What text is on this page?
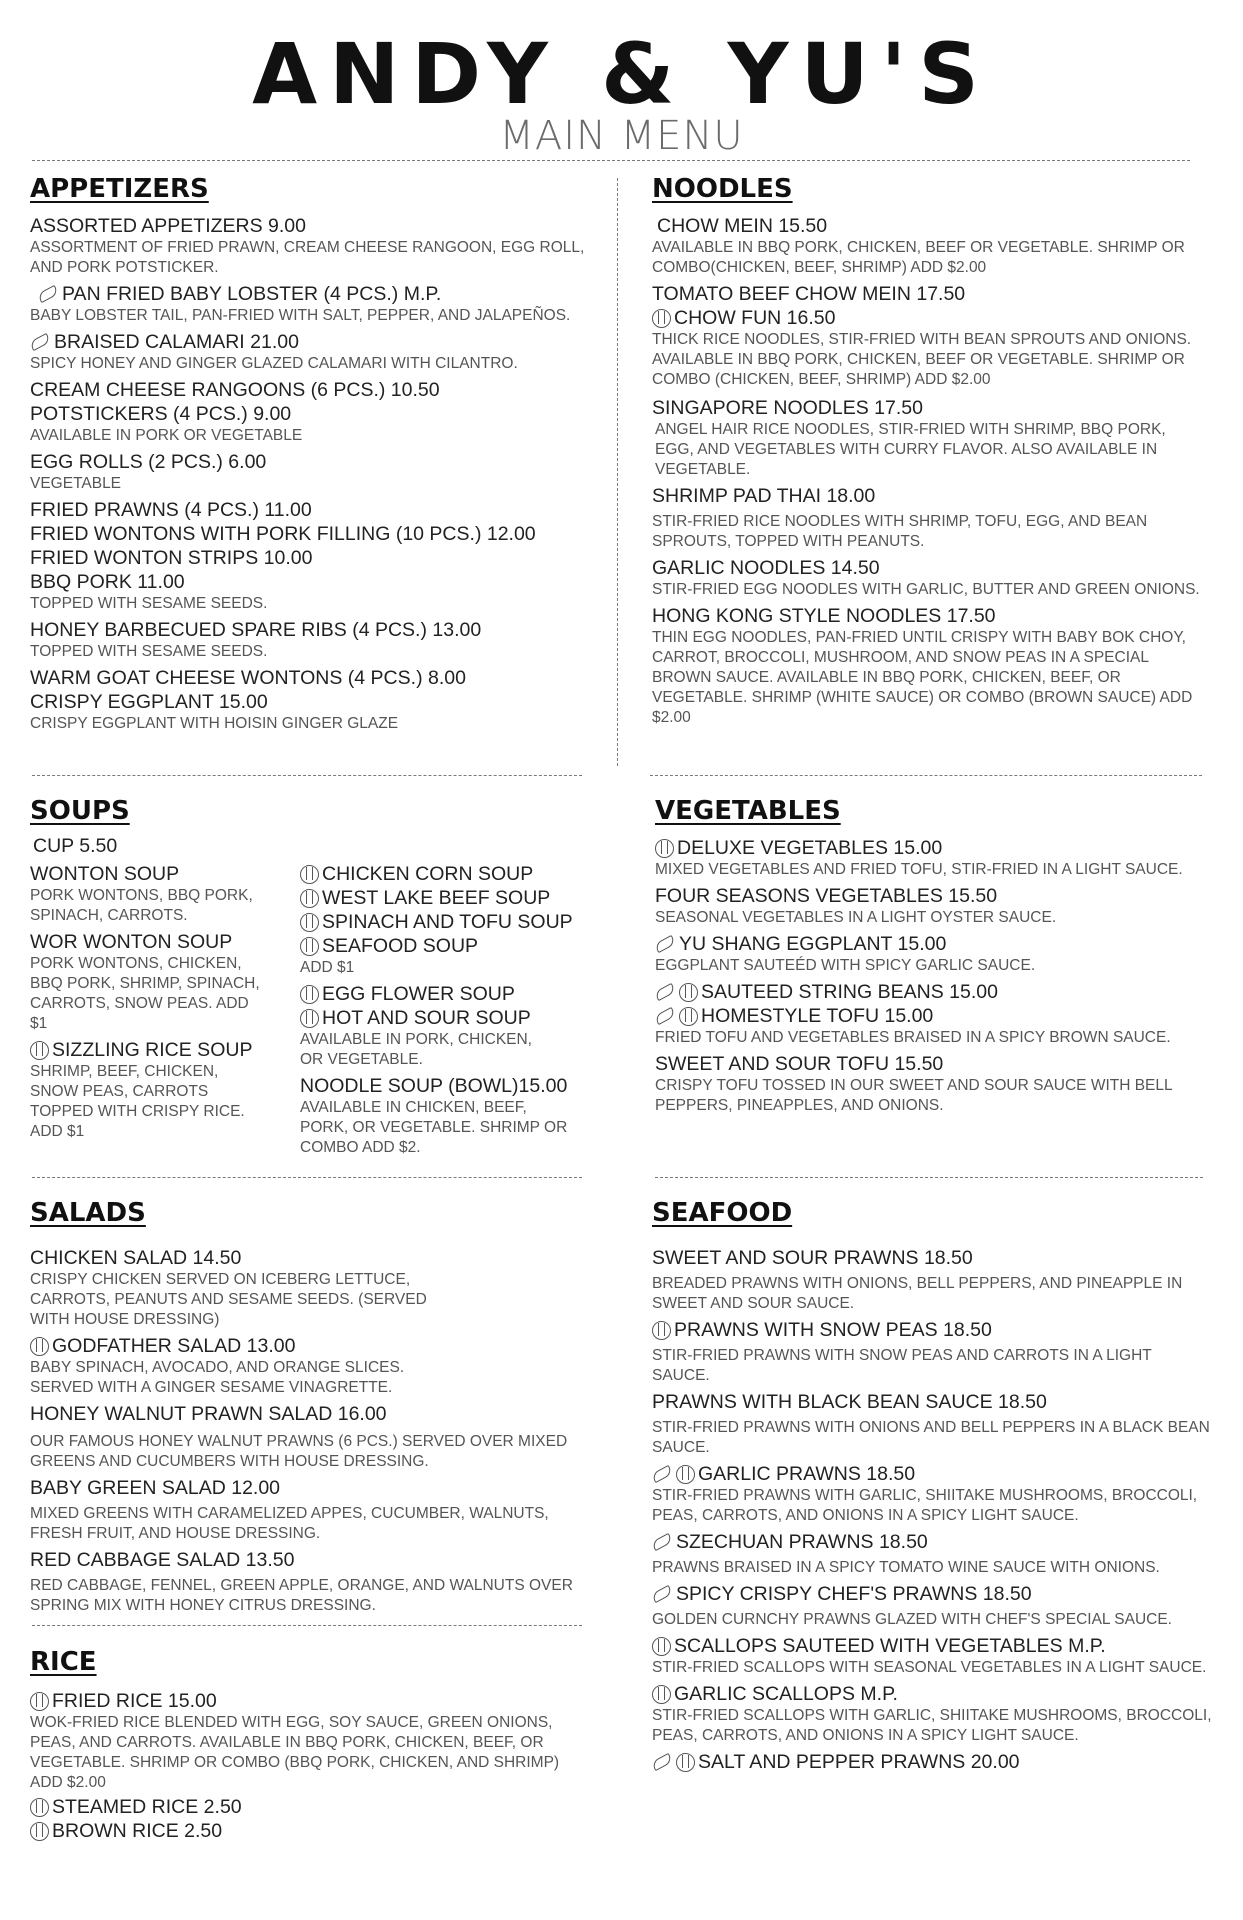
ANDY & YU'S
MAIN MENU
APPETIZERS
ASSORTED APPETIZERS 9.00
ASSORTMENT OF FRIED PRAWN, CREAM CHEESE RANGOON, EGG ROLL, AND PORK POTSTICKER.
PAN FRIED BABY LOBSTER (4 PCS.) M.P.
BABY LOBSTER TAIL, PAN-FRIED WITH SALT, PEPPER, AND JALAPEÑOS.
BRAISED CALAMARI 21.00
SPICY HONEY AND GINGER GLAZED CALAMARI WITH CILANTRO.
CREAM CHEESE RANGOONS (6 PCS.) 10.50
POTSTICKERS (4 PCS.) 9.00
AVAILABLE IN PORK OR VEGETABLE
EGG ROLLS (2 PCS.) 6.00
VEGETABLE
FRIED PRAWNS (4 PCS.) 11.00
FRIED WONTONS WITH PORK FILLING (10 PCS.) 12.00
FRIED WONTON STRIPS 10.00
BBQ PORK 11.00
TOPPED WITH SESAME SEEDS.
HONEY BARBECUED SPARE RIBS (4 PCS.) 13.00
TOPPED WITH SESAME SEEDS.
WARM GOAT CHEESE WONTONS (4 PCS.) 8.00
CRISPY EGGPLANT 15.00
CRISPY EGGPLANT WITH HOISIN GINGER GLAZE
NOODLES
CHOW MEIN 15.50
AVAILABLE IN BBQ PORK, CHICKEN, BEEF OR VEGETABLE. SHRIMP OR COMBO(CHICKEN, BEEF, SHRIMP) ADD $2.00
TOMATO BEEF CHOW MEIN 17.50
CHOW FUN 16.50
THICK RICE NOODLES, STIR-FRIED WITH BEAN SPROUTS AND ONIONS. AVAILABLE IN BBQ PORK, CHICKEN, BEEF OR VEGETABLE. SHRIMP OR COMBO (CHICKEN, BEEF, SHRIMP) ADD $2.00
SINGAPORE NOODLES 17.50
ANGEL HAIR RICE NOODLES, STIR-FRIED WITH SHRIMP, BBQ PORK, EGG, AND VEGETABLES WITH CURRY FLAVOR. ALSO AVAILABLE IN VEGETABLE.
SHRIMP PAD THAI 18.00
STIR-FRIED RICE NOODLES WITH SHRIMP, TOFU, EGG, AND BEAN SPROUTS, TOPPED WITH PEANUTS.
GARLIC NOODLES 14.50
STIR-FRIED EGG NOODLES WITH GARLIC, BUTTER AND GREEN ONIONS.
HONG KONG STYLE NOODLES 17.50
THIN EGG NOODLES, PAN-FRIED UNTIL CRISPY WITH BABY BOK CHOY, CARROT, BROCCOLI, MUSHROOM, AND SNOW PEAS IN A SPECIAL BROWN SAUCE. AVAILABLE IN BBQ PORK, CHICKEN, BEEF, OR VEGETABLE. SHRIMP (WHITE SAUCE) OR COMBO (BROWN SAUCE) ADD $2.00
SOUPS
CUP 5.50
WONTON SOUP
PORK WONTONS, BBQ PORK, SPINACH, CARROTS.
WOR WONTON SOUP
PORK WONTONS, CHICKEN, BBQ PORK, SHRIMP, SPINACH, CARROTS, SNOW PEAS. ADD $1
SIZZLING RICE SOUP
SHRIMP, BEEF, CHICKEN, SNOW PEAS, CARROTS TOPPED WITH CRISPY RICE. ADD $1
CHICKEN CORN SOUP
WEST LAKE BEEF SOUP
SPINACH AND TOFU SOUP
SEAFOOD SOUP
ADD $1
EGG FLOWER SOUP
HOT AND SOUR SOUP
AVAILABLE IN PORK, CHICKEN, OR VEGETABLE.
NOODLE SOUP (BOWL)15.00
AVAILABLE IN CHICKEN, BEEF, PORK, OR VEGETABLE. SHRIMP OR COMBO ADD $2.
VEGETABLES
DELUXE VEGETABLES 15.00
MIXED VEGETABLES AND FRIED TOFU, STIR-FRIED IN A LIGHT SAUCE.
FOUR SEASONS VEGETABLES 15.50
SEASONAL VEGETABLES IN A LIGHT OYSTER SAUCE.
YU SHANG EGGPLANT 15.00
EGGPLANT SAUTEÉD WITH SPICY GARLIC SAUCE.
SAUTEED STRING BEANS 15.00
HOMESTYLE TOFU 15.00
FRIED TOFU AND VEGETABLES BRAISED IN A SPICY BROWN SAUCE.
SWEET AND SOUR TOFU 15.50
CRISPY TOFU TOSSED IN OUR SWEET AND SOUR SAUCE WITH BELL PEPPERS, PINEAPPLES, AND ONIONS.
SALADS
CHICKEN SALAD 14.50
CRISPY CHICKEN SERVED ON ICEBERG LETTUCE, CARROTS, PEANUTS AND SESAME SEEDS. (SERVED WITH HOUSE DRESSING)
GODFATHER SALAD 13.00
BABY SPINACH, AVOCADO, AND ORANGE SLICES. SERVED WITH A GINGER SESAME VINAGRETTE.
HONEY WALNUT PRAWN SALAD 16.00
OUR FAMOUS HONEY WALNUT PRAWNS (6 PCS.) SERVED OVER MIXED GREENS AND CUCUMBERS WITH HOUSE DRESSING.
BABY GREEN SALAD 12.00
MIXED GREENS WITH CARAMELIZED APPES, CUCUMBER, WALNUTS, FRESH FRUIT, AND HOUSE DRESSING.
RED CABBAGE SALAD 13.50
RED CABBAGE, FENNEL, GREEN APPLE, ORANGE, AND WALNUTS OVER SPRING MIX WITH HONEY CITRUS DRESSING.
SEAFOOD
SWEET AND SOUR PRAWNS 18.50
BREADED PRAWNS WITH ONIONS, BELL PEPPERS, AND PINEAPPLE IN SWEET AND SOUR SAUCE.
PRAWNS WITH SNOW PEAS 18.50
STIR-FRIED PRAWNS WITH SNOW PEAS AND CARROTS IN A LIGHT SAUCE.
PRAWNS WITH BLACK BEAN SAUCE 18.50
STIR-FRIED PRAWNS WITH ONIONS AND BELL PEPPERS IN A BLACK BEAN SAUCE.
GARLIC PRAWNS 18.50
STIR-FRIED PRAWNS WITH GARLIC, SHIITAKE MUSHROOMS, BROCCOLI, PEAS, CARROTS, AND ONIONS IN A SPICY LIGHT SAUCE.
SZECHUAN PRAWNS 18.50
PRAWNS BRAISED IN A SPICY TOMATO WINE SAUCE WITH ONIONS.
SPICY CRISPY CHEF'S PRAWNS 18.50
GOLDEN CURNCHY PRAWNS GLAZED WITH CHEF'S SPECIAL SAUCE.
SCALLOPS SAUTEED WITH VEGETABLES M.P.
STIR-FRIED SCALLOPS WITH SEASONAL VEGETABLES IN A LIGHT SAUCE.
GARLIC SCALLOPS M.P.
STIR-FRIED SCALLOPS WITH GARLIC, SHIITAKE MUSHROOMS, BROCCOLI, PEAS, CARROTS, AND ONIONS IN A SPICY LIGHT SAUCE.
SALT AND PEPPER PRAWNS 20.00
RICE
FRIED RICE 15.00
WOK-FRIED RICE BLENDED WITH EGG, SOY SAUCE, GREEN ONIONS, PEAS, AND CARROTS. AVAILABLE IN BBQ PORK, CHICKEN, BEEF, OR VEGETABLE. SHRIMP OR COMBO (BBQ PORK, CHICKEN, AND SHRIMP) ADD $2.00
STEAMED RICE 2.50
BROWN RICE 2.50
